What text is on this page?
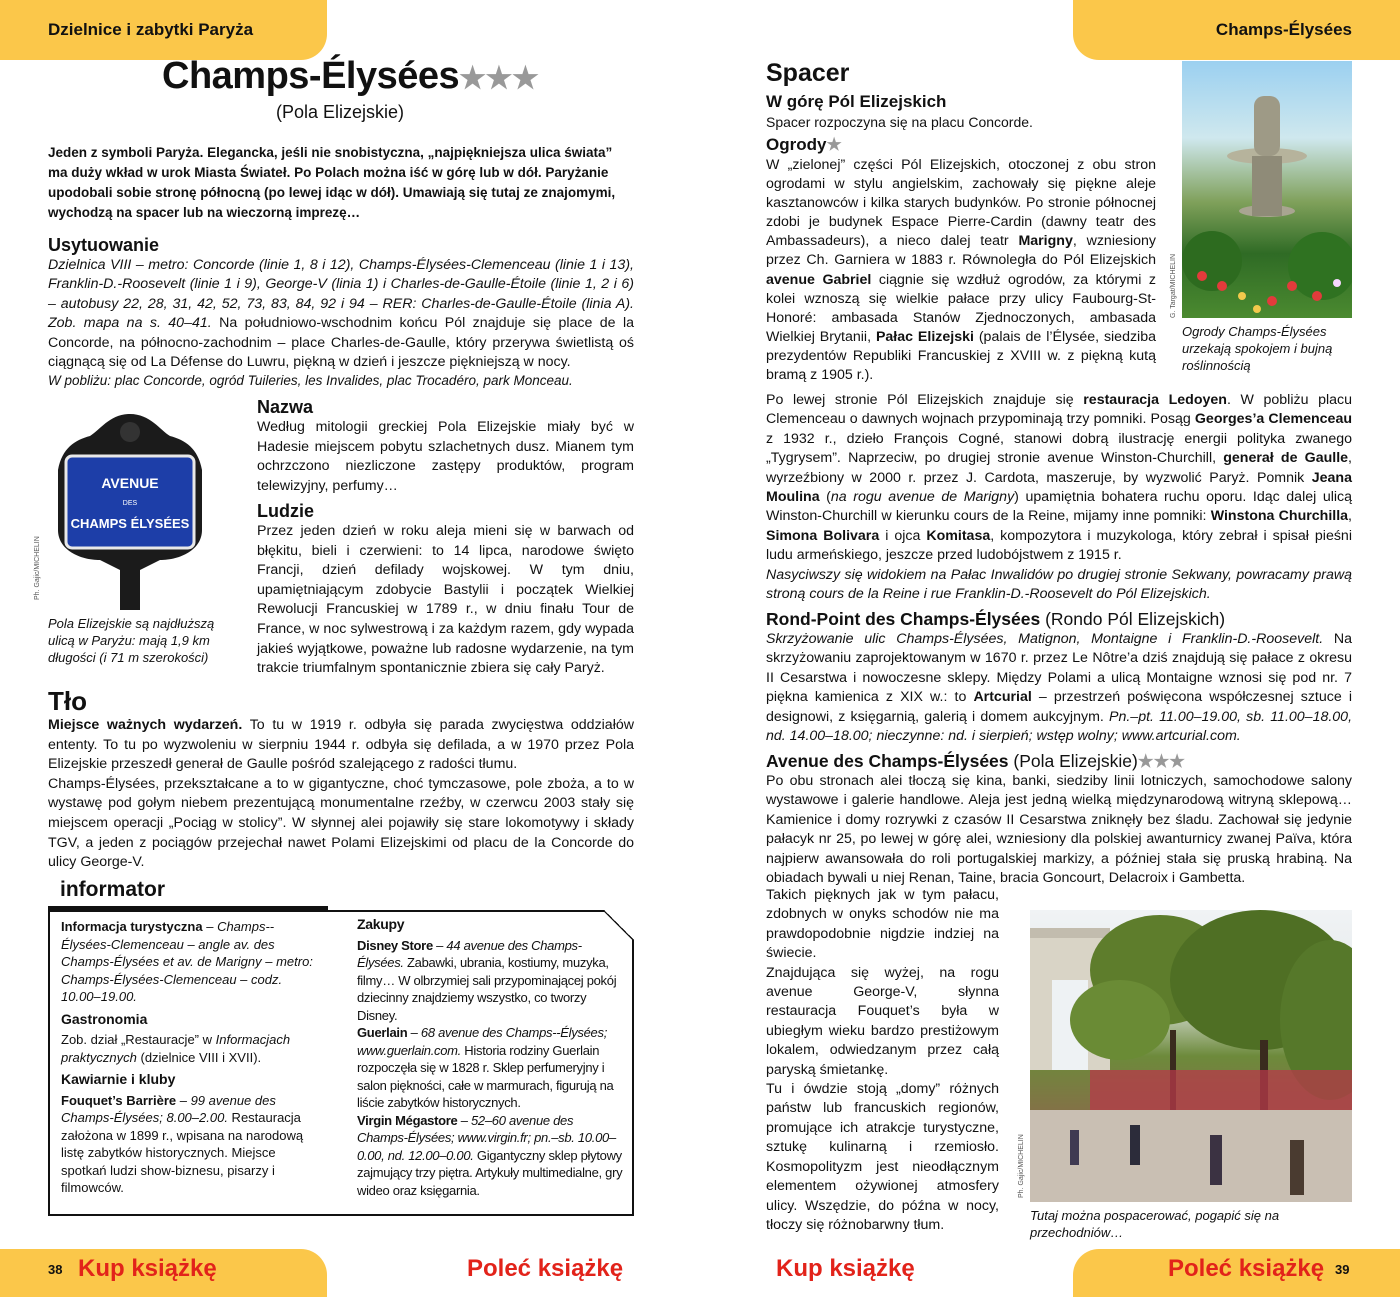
Dzielnice i zabytki Paryża	Champs-Élysées
Champs-Élysées★★★
(Pola Elizejskie)
Jeden z symboli Paryża. Elegancka, jeśli nie snobistyczna, „najpiękniejsza ulica świata” ma duży wkład w urok Miasta Świateł. Po Polach można iść w górę lub w dół. Paryżanie upodobali sobie stronę północną (po lewej idąc w dół). Umawiają się tutaj ze znajomymi, wychodzą na spacer lub na wieczorną imprezę…
Usytuowanie

Dzielnica VIII – metro: Concorde (linie 1, 8 i 12), Champs-Élysées-Clemenceau (linie 1 i 13), Franklin-D.-Roosevelt (linie 1 i 9), George-V (linia 1) i Charles-de-Gaulle-Étoile (linie 1, 2 i 6) – autobusy 22, 28, 31, 42, 52, 73, 83, 84, 92 i 94 – RER: Charles-de-Gaulle-Étoile (linia A). Zob. mapa na s. 40–41. Na południowo-wschodnim końcu Pól znajduje się place de la Concorde, na północno-zachodnim – place Charles-de-Gaulle, który przerywa świetlistą oś ciągnącą się od La Défense do Luwru, piękną w dzień i jeszcze piękniejszą w nocy.

W pobliżu: plac Concorde, ogród Tuileries, les Invalides, plac Trocadéro, park Monceau.

AVENUE
DES
CHAMPS ÉLYSÉES
Ph. Gajic/MICHELIN
Pola Elizejskie są najdłuższą ulicą w Paryżu: mają 1,9 km długości (i 71 m szerokości)
Nazwa

Według mitologii greckiej Pola Elizejskie miały być w Hadesie miejscem pobytu szlachetnych dusz. Mianem tym ochrzczono niezliczone zastępy produktów, program telewizyjny, perfumy…

Ludzie

Przez jeden dzień w roku aleja mieni się w barwach od błękitu, bieli i czerwieni: to 14 lipca, narodowe święto Francji, dzień defilady wojskowej. W tym dniu, upamiętniającym zdobycie Bastylii i początek Wielkiej Rewolucji Francuskiej w 1789 r., w dniu finału Tour de France, w noc sylwestrową i za każdym razem, gdy wypada jakieś wyjątkowe, poważne lub radosne wydarzenie, na tym trakcie triumfalnym spontanicznie zbiera się cały Paryż.

Tło

Miejsce ważnych wydarzeń. To tu w 1919 r. odbyła się parada zwycięstwa oddziałów ententy. To tu po wyzwoleniu w sierpniu 1944 r. odbyła się defilada, a w 1970 przez Pola Elizejskie przeszedł generał de Gaulle pośród szalejącego z radości tłumu.

Champs-Élysées, przekształcane a to w gigantyczne, choć tymczasowe, pole zboża, a to w wystawę pod gołym niebem prezentującą monumentalne rzeźby, w czerwcu 2003 stały się miejscem operacji „Pociąg w stolicy”. W słynnej alei pojawiły się stare lokomotywy i składy TGV, a jeden z pociągów przejechał nawet Polami Elizejskimi od placu de la Concorde do ulicy George-V.

informator

Informacja turystyczna – Champs--Élysées-Clemenceau – angle av. des Champs-Élysées et av. de Marigny – metro: Champs-Élysées-Clemenceau – codz. 10.00–19.00.

Gastronomia

Zob. dział „Restauracje” w Informacjach praktycznych (dzielnice VIII i XVII).

Kawiarnie i kluby

Fouquet’s Barrière – 99 avenue des Champs-Élysées; 8.00–2.00. Restauracja założona w 1899 r., wpisana na narodową listę zabytków historycznych. Miejsce spotkań ludzi show-biznesu, pisarzy i filmowców.

Zakupy

Disney Store – 44 avenue des Champs-Élysées. Zabawki, ubrania, kostiumy, muzyka, filmy… W olbrzymiej sali przypominającej pokój dziecinny znajdziemy wszystko, co tworzy Disney.

Guerlain – 68 avenue des Champs--Élysées; www.guerlain.com. Historia rodziny Guerlain rozpoczęła się w 1828 r. Sklep perfumeryjny i salon piękności, całe w marmurach, figurują na liście zabytków historycznych.

Virgin Mégastore – 52–60 avenue des Champs-Élysées; www.virgin.fr; pn.–sb. 10.00–0.00, nd. 12.00–0.00. Gigantyczny sklep płytowy zajmujący trzy piętra. Artykuły multimedialne, gry wideo oraz księgarnia.

Spacer
W górę Pól Elizejskich

Spacer rozpoczyna się na placu Concorde.

Ogrody★

W „zielonej” części Pól Elizejskich, otoczonej z obu stron ogrodami w stylu angielskim, zachowały się piękne aleje kasztanowców i kilka starych budynków. Po stronie północnej zdobi je budynek Espace Pierre-Cardin (dawny teatr des Ambassadeurs), a nieco dalej teatr Marigny, wzniesiony przez Ch. Garniera w 1883 r. Równoległa do Pól Elizejskich avenue Gabriel ciągnie się wzdłuż ogrodów, za którymi z kolei wznoszą się wielkie pałace przy ulicy Faubourg-St-Honoré: ambasada Stanów Zjednoczonych, ambasada Wielkiej Brytanii, Pałac Elizejski (palais de l’Élysée, siedziba prezydentów Republiki Francuskiej z XVIII w. z piękną kutą bramą z 1905 r.).

G. Targat/MICHELIN
Ogrody Champs-Élysées urzekają spokojem i bujną roślinnością

Po lewej stronie Pól Elizejskich znajduje się restauracja Ledoyen. W pobliżu placu Clemenceau o dawnych wojnach przypominają trzy pomniki. Posąg Georges’a Clemenceau z 1932 r., dzieło François Cogné, stanowi dobrą ilustrację energii polityka zwanego „Tygrysem”. Naprzeciw, po drugiej stronie avenue Winston-Churchill, generał de Gaulle, wyrzeźbiony w 2000 r. przez J. Cardota, maszeruje, by wyzwolić Paryż. Pomnik Jeana Moulina (na rogu avenue de Marigny) upamiętnia bohatera ruchu oporu. Idąc dalej ulicą Winston-Churchill w kierunku cours de la Reine, mijamy inne pomniki: Winstona Churchilla, Simona Bolivara i ojca Komitasa, kompozytora i muzykologa, który zebrał i spisał pieśni ludu armeńskiego, jeszcze przed ludobójstwem z 1915 r.

Nasyciwszy się widokiem na Pałac Inwalidów po drugiej stronie Sekwany, powracamy prawą stroną cours de la Reine i rue Franklin-D.-Roosevelt do Pól Elizejskich.

Rond-Point des Champs-Élysées (Rondo Pól Elizejskich)

Skrzyżowanie ulic Champs-Élysées, Matignon, Montaigne i Franklin-D.-Roosevelt. Na skrzyżowaniu zaprojektowanym w 1670 r. przez Le Nôtre’a dziś znajdują się pałace z okresu II Cesarstwa i nowoczesne sklepy. Między Polami a ulicą Montaigne wznosi się pod nr. 7 piękna kamienica z XIX w.: to Artcurial – przestrzeń poświęcona współczesnej sztuce i designowi, z księgarnią, galerią i domem aukcyjnym. Pn.–pt. 11.00–19.00, sb. 11.00–18.00, nd. 14.00–18.00; nieczynne: nd. i sierpień; wstęp wolny; www.artcurial.com.

Avenue des Champs-Élysées (Pola Elizejskie)★★★

Po obu stronach alei tłoczą się kina, banki, siedziby linii lotniczych, samochodowe salony wystawowe i galerie handlowe. Aleja jest jedną wielką międzynarodową witryną sklepową… Kamienice i domy rozrywki z czasów II Cesarstwa zniknęły bez śladu. Zachował się jedynie pałacyk nr 25, po lewej w górę alei, wzniesiony dla polskiej awanturnicy zwanej Païva, która najpierw awansowała do roli portugalskiej markizy, a później stała się pruską hrabiną. Na obiadach bywali u niej Renan, Taine, bracia Goncourt, Delacroix i Gambetta.

Takich pięknych jak w tym pałacu, zdobnych w onyks schodów nie ma prawdopodobnie nigdzie indziej na świecie.

Znajdująca się wyżej, na rogu avenue George-V, słynna restauracja Fouquet’s była w ubiegłym wieku bardzo prestiżowym lokalem, odwiedzanym przez całą paryską śmietankę.

Tu i ówdzie stoją „domy” różnych państw lub francuskich regionów, promujące ich atrakcje turystyczne, sztukę kulinarną i rzemiosło. Kosmopolityzm jest nieodłącznym elementem ożywionej atmosfery ulicy. Wszędzie, do późna w nocy, tłoczy się różnobarwny tłum.

Ph. Gajic/MICHELIN
Tutaj można pospacerować, pogapić się na przechodniów…
38	39
Kup książkę	Poleć książkę	Kup książkę	Poleć książkę
